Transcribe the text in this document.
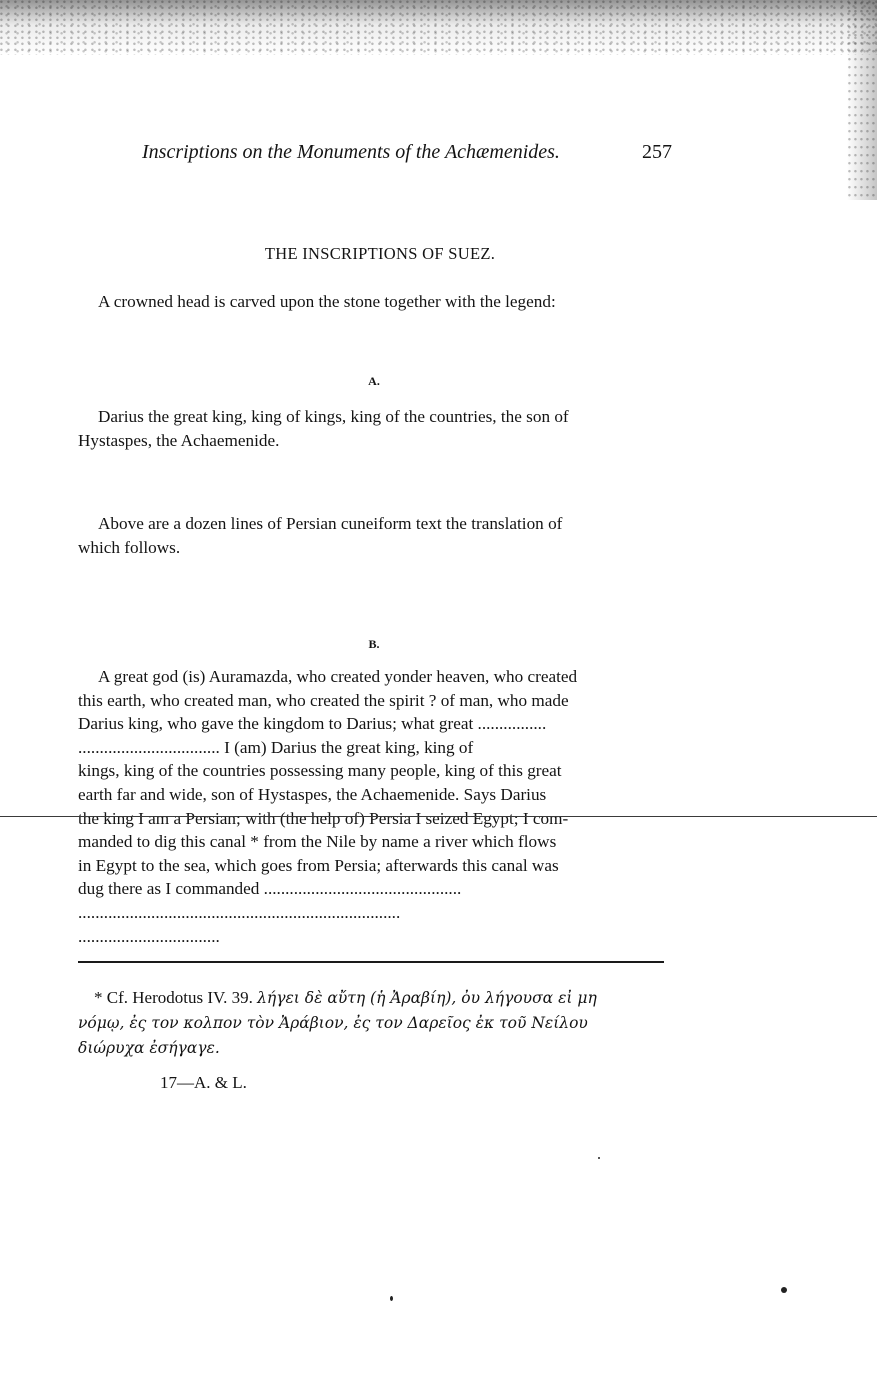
Inscriptions on the Monuments of the Achæmenides.	257
THE INSCRIPTIONS OF SUEZ.
A crowned head is carved upon the stone together with the legend:
A.
Darius the great king, king of kings, king of the countries, the son of
Hystaspes, the Achaemenide.
Above are a dozen lines of Persian cuneiform text the translation of
which follows.
B.
A great god (is) Auramazda, who created yonder heaven, who created
this earth, who created man, who created the spirit ? of man, who made
Darius king, who gave the kingdom to Darius; what great ................
................................. I (am) Darius the great king, king of
kings, king of the countries possessing many people, king of this great
earth far and wide, son of Hystaspes, the Achaemenide. Says Darius
the king I am a Persian; with (the help of) Persia I seized Egypt; I com-
manded to dig this canal * from the Nile by name a river which flows
in Egypt to the sea, which goes from Persia; afterwards this canal was
dug there as I commanded ..............................................
...........................................................................
.................................
* Cf. Herodotus IV. 39. λήγει δὲ αὔτη (ἡ Ἀραβίη), ὀυ λήγουσα εἰ μη
νόμῳ, ἐς τον κολπον τὸν Ἀράβιον, ἐς τον Δαρεῖος ἐκ τοῦ Νείλου
διώρυχα ἐσήγαγε.
17—A. & L.
